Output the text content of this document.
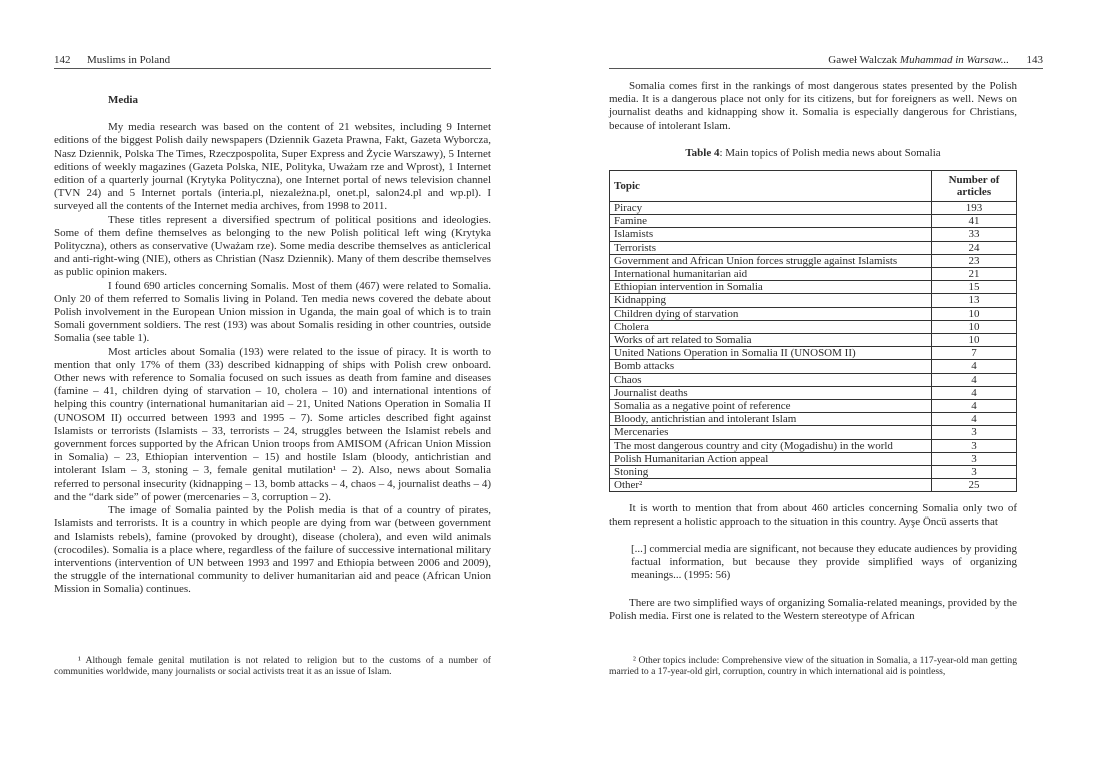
142 Muslims in Poland
Media

My media research was based on the content of 21 websites, including 9 Internet editions of the biggest Polish daily newspapers (Dziennik Gazeta Prawna, Fakt, Gazeta Wyborcza, Nasz Dziennik, Polska The Times, Rzeczpospolita, Super Express and Życie Warszawy), 5 Internet editions of weekly magazines (Gazeta Polska, NIE, Polityka, Uważam rze and Wprost), 1 Internet edition of a quarterly journal (Krytyka Polityczna), one Internet portal of news television channel (TVN 24) and 5 Internet portals (interia.pl, niezależna.pl, onet.pl, salon24.pl and wp.pl). I surveyed all the contents of the Internet media archives, from 1998 to 2011.

These titles represent a diversified spectrum of political positions and ideologies. Some of them define themselves as belonging to the new Polish political left wing (Krytyka Polityczna), others as conservative (Uważam rze). Some media describe themselves as anticlerical and anti-right-wing (NIE), others as Christian (Nasz Dziennik). Many of them describe themselves as public opinion makers.

I found 690 articles concerning Somalis. Most of them (467) were related to Somalia. Only 20 of them referred to Somalis living in Poland. Ten media news covered the debate about Polish involvement in the European Union mission in Uganda, the main goal of which is to train Somali government soldiers. The rest (193) was about Somalis residing in other countries, outside Somalia (see table 1).

Most articles about Somalia (193) were related to the issue of piracy. It is worth to mention that only 17% of them (33) described kidnapping of ships with Polish crew onboard. Other news with reference to Somalia focused on such issues as death from famine and diseases (famine – 41, children dying of starvation – 10, cholera – 10) and international intentions of helping this country (international humanitarian aid – 21, United Nations Operation in Somalia II (UNOSOM II) occurred between 1993 and 1995 – 7). Some articles described fight against Islamists or terrorists (Islamists – 33, terrorists – 24, struggles between the Islamist rebels and government forces supported by the African Union troops from AMISOM (African Union Mission in Somalia) – 23, Ethiopian intervention – 15) and hostile Islam (bloody, antichristian and intolerant Islam – 3, stoning – 3, female genital mutilation¹ – 2). Also, news about Somalia referred to personal insecurity (kidnapping – 13, bomb attacks – 4, chaos – 4, journalist deaths – 4) and the “dark side” of power (mercenaries – 3, corruption – 2).

The image of Somalia painted by the Polish media is that of a country of pirates, Islamists and terrorists. It is a country in which people are dying from war (between government and Islamists rebels), famine (provoked by drought), disease (cholera), and even wild animals (crocodiles). Somalia is a place where, regardless of the failure of successive international military interventions (intervention of UN between 1993 and 1997 and Ethiopia between 2006 and 2009), the struggle of the international community to deliver humanitarian aid and peace (African Union Mission in Somalia) continues.

¹ Although female genital mutilation is not related to religion but to the customs of a number of communities worldwide, many journalists or social activists treat it as an issue of Islam.

Gaweł Walczak Muhammad in Warsaw... 143

Somalia comes first in the rankings of most dangerous states presented by the Polish media. It is a dangerous place not only for its citizens, but for foreigners as well. News on journalist deaths and kidnapping show it. Somalia is especially dangerous for Christians, because of intolerant Islam.

Table 4: Main topics of Polish media news about Somalia
Topic	Number of articles
Piracy	193
Famine	41
Islamists	33
Terrorists	24
Government and African Union forces struggle against Islamists	23
International humanitarian aid	21
Ethiopian intervention in Somalia	15
Kidnapping	13
Children dying of starvation	10
Cholera	10
Works of art related to Somalia	10
United Nations Operation in Somalia II (UNOSOM II)	7
Bomb attacks	4
Chaos	4
Journalist deaths	4
Somalia as a negative point of reference	4
Bloody, antichristian and intolerant Islam	4
Mercenaries	3
The most dangerous country and city (Mogadishu) in the world	3
Polish Humanitarian Action appeal	3
Stoning	3
Other²	25

It is worth to mention that from about 460 articles concerning Somalia only two of them represent a holistic approach to the situation in this country. Ayşe Öncü asserts that

[...] commercial media are significant, not because they educate audiences by providing factual information, but because they provide simplified ways of organizing meanings... (1995: 56)

There are two simplified ways of organizing Somalia-related meanings, provided by the Polish media. First one is related to the Western stereotype of African

² Other topics include: Comprehensive view of the situation in Somalia, a 117-year-old man getting married to a 17-year-old girl, corruption, country in which international aid is pointless,
